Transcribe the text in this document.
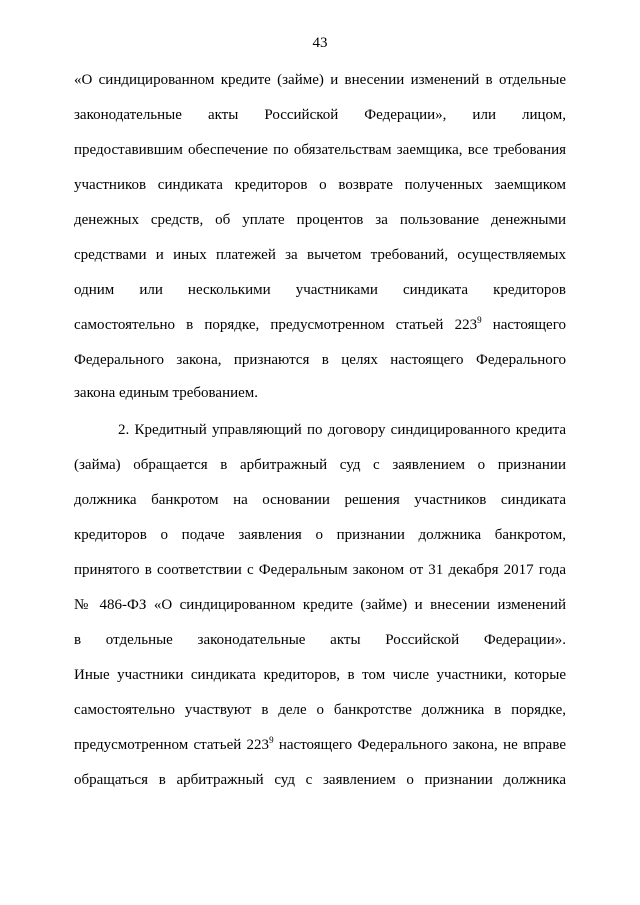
43
«О синдицированном кредите (займе) и внесении изменений в отдельные
законодательные акты Российской Федерации», или лицом,
предоставившим обеспечение по обязательствам заемщика, все требования
участников синдиката кредиторов о возврате полученных заемщиком
денежных средств, об уплате процентов за пользование денежными
средствами и иных платежей за вычетом требований, осуществляемых
одним или несколькими участниками синдиката кредиторов
самостоятельно в порядке, предусмотренном статьей $223^9$ настоящего
Федерального закона, признаются в целях настоящего Федерального
закона единым требованием.
2. Кредитный управляющий по договору синдицированного кредита
(займа) обращается в арбитражный суд с заявлением о признании
должника банкротом на основании решения участников синдиката
кредиторов о подаче заявления о признании должника банкротом,
принятого в соответствии с Федеральным законом от 31 декабря 2017 года
№ 486-ФЗ «О синдицированном кредите (займе) и внесении изменений
в отдельные законодательные акты Российской Федерации».
Иные участники синдиката кредиторов, в том числе участники, которые
самостоятельно участвуют в деле о банкротстве должника в порядке,
предусмотренном статьей $223^9$ настоящего Федерального закона, не вправе
обращаться в арбитражный суд с заявлением о признании должника
